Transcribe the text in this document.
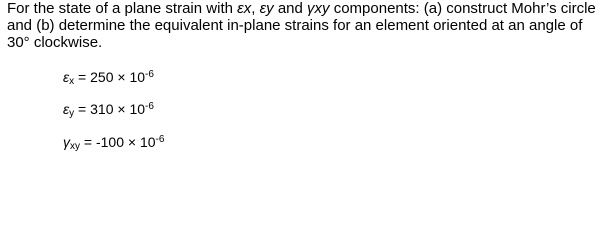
For the state of a plane strain with εx, εy and γxy components: (a) construct Mohr’s circle and (b) determine the equivalent in-plane strains for an element oriented at an angle of 30° clockwise.

$\varepsilon_x = 250 \times 10^{-6}$
$\varepsilon_y = 310 \times 10^{-6}$
$\gamma_{xy} = -100 \times 10^{-6}$
